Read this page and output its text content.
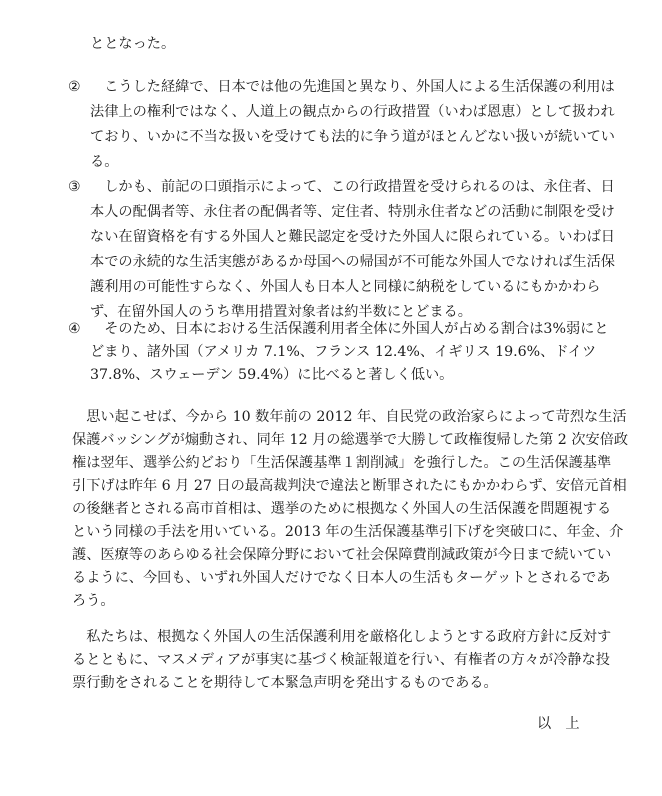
ととなった。
② 　こうした経緯で、日本では他の先進国と異なり、外国人による生活保護の利用は
法律上の権利ではなく、人道上の観点からの行政措置（いわば恩恵）として扱われ
ており、いかに不当な扱いを受けても法的に争う道がほとんどない扱いが続いてい
る。
③ 　しかも、前記の口頭指示によって、この行政措置を受けられるのは、永住者、日
本人の配偶者等、永住者の配偶者等、定住者、特別永住者などの活動に制限を受け
ない在留資格を有する外国人と難民認定を受けた外国人に限られている。いわば日
本での永続的な生活実態があるか母国への帰国が不可能な外国人でなければ生活保
護利用の可能性すらなく、外国人も日本人と同様に納税をしているにもかかわら
ず、在留外国人のうち準用措置対象者は約半数にとどまる。
④ 　そのため、日本における生活保護利用者全体に外国人が占める割合は3%弱にと
どまり、諸外国（アメリカ 7.1%、フランス 12.4%、イギリス 19.6%、ドイツ
37.8%、スウェーデン 59.4%）に比べると著しく低い。
　思い起こせば、今から 10 数年前の 2012 年、自民党の政治家らによって苛烈な生活
保護バッシングが煽動され、同年 12 月の総選挙で大勝して政権復帰した第 2 次安倍政
権は翌年、選挙公約どおり「生活保護基準１割削減」を強行した。この生活保護基準
引下げは昨年 6 月 27 日の最高裁判決で違法と断罪されたにもかかわらず、安倍元首相
の後継者とされる高市首相は、選挙のために根拠なく外国人の生活保護を問題視する
という同様の手法を用いている。2013 年の生活保護基準引下げを突破口に、年金、介
護、医療等のあらゆる社会保障分野において社会保障費削減政策が今日まで続いてい
るように、今回も、いずれ外国人だけでなく日本人の生活もターゲットとされるであ
ろう。
　私たちは、根拠なく外国人の生活保護利用を厳格化しようとする政府方針に反対す
るとともに、マスメディアが事実に基づく検証報道を行い、有権者の方々が冷静な投
票行動をされることを期待して本緊急声明を発出するものである。
以　上
